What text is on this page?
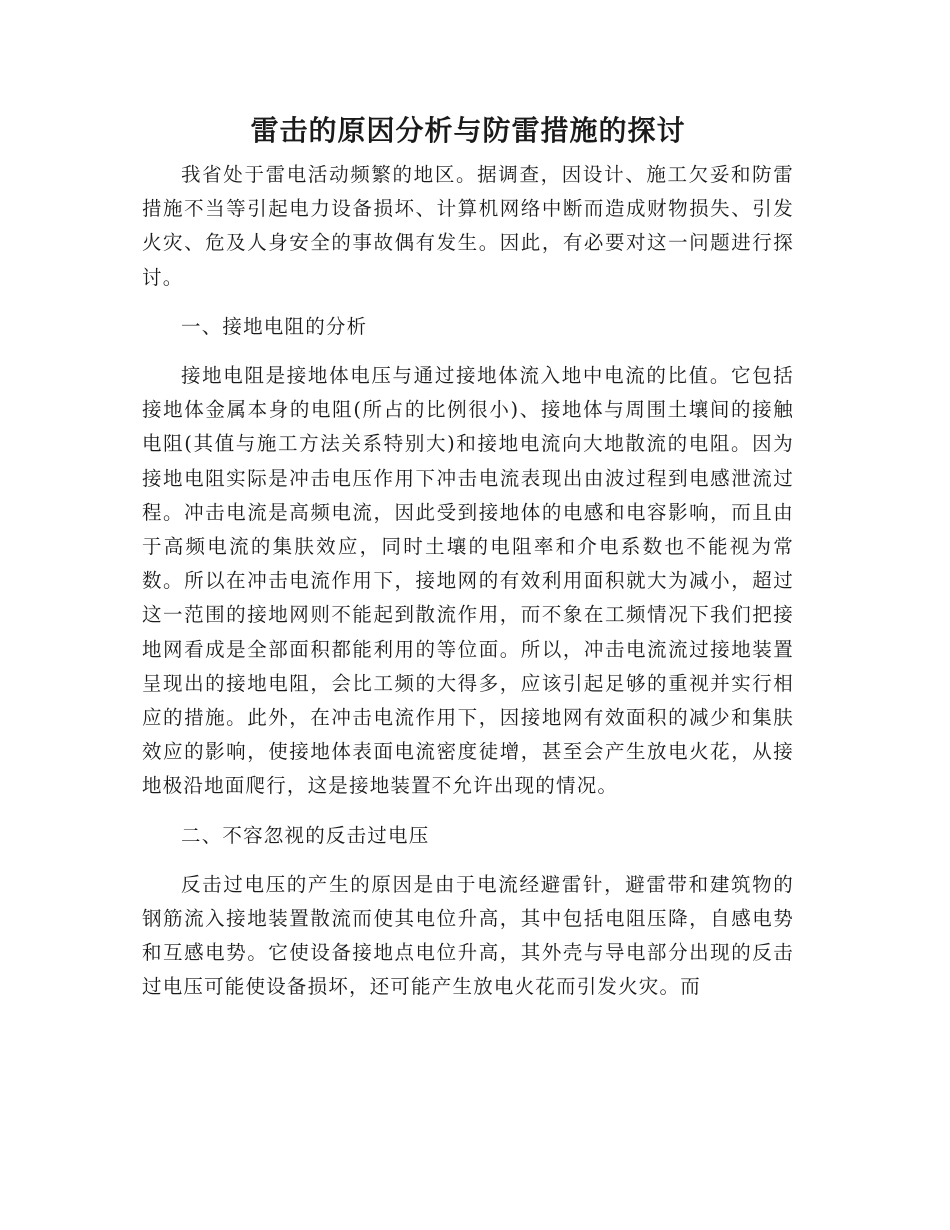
雷击的原因分析与防雷措施的探讨

我省处于雷电活动频繁的地区。据调查，因设计、施工欠妥和防雷措施不当等引起电力设备损坏、计算机网络中断而造成财物损失、引发火灾、危及人身安全的事故偶有发生。因此，有必要对这一问题进行探讨。

一、接地电阻的分析

接地电阻是接地体电压与通过接地体流入地中电流的比值。它包括接地体金属本身的电阻(所占的比例很小)、接地体与周围土壤间的接触电阻(其值与施工方法关系特别大)和接地电流向大地散流的电阻。因为接地电阻实际是冲击电压作用下冲击电流表现出由波过程到电感泄流过程。冲击电流是高频电流，因此受到接地体的电感和电容影响，而且由于高频电流的集肤效应，同时土壤的电阻率和介电系数也不能视为常数。所以在冲击电流作用下，接地网的有效利用面积就大为减小，超过这一范围的接地网则不能起到散流作用，而不象在工频情况下我们把接地网看成是全部面积都能利用的等位面。所以，冲击电流流过接地装置呈现出的接地电阻，会比工频的大得多，应该引起足够的重视并实行相应的措施。此外，在冲击电流作用下，因接地网有效面积的减少和集肤效应的影响，使接地体表面电流密度徒增，甚至会产生放电火花，从接地极沿地面爬行，这是接地装置不允许出现的情况。

二、不容忽视的反击过电压

反击过电压的产生的原因是由于电流经避雷针，避雷带和建筑物的钢筋流入接地装置散流而使其电位升高，其中包括电阻压降，自感电势和互感电势。它使设备接地点电位升高，其外壳与导电部分出现的反击过电压可能使设备损坏，还可能产生放电火花而引发火灾。而
